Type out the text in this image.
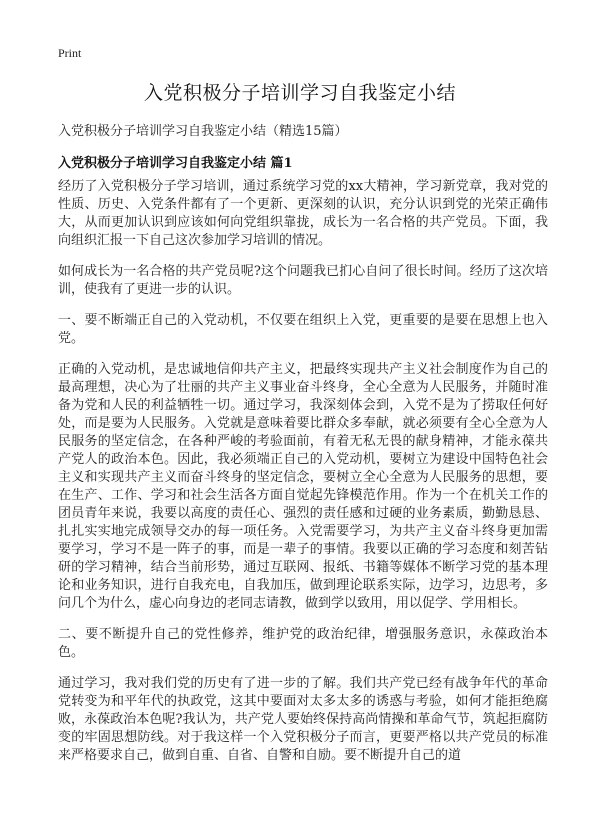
Print

入党积极分子培训学习自我鉴定小结

入党积极分子培训学习自我鉴定小结（精选15篇）

入党积极分子培训学习自我鉴定小结 篇1

经历了入党积极分子学习培训，通过系统学习党的xx大精神，学习新党章，我对党的性质、历史、入党条件都有了一个更新、更深刻的认识，充分认识到党的光荣正确伟大，从而更加认识到应该如何向党组织靠拢，成长为一名合格的共产党员。下面，我向组织汇报一下自己这次参加学习培训的情况。

如何成长为一名合格的共产党员呢?这个问题我已扪心自问了很长时间。经历了这次培训，使我有了更进一步的认识。

一、要不断端正自己的入党动机，不仅要在组织上入党，更重要的是要在思想上也入党。

正确的入党动机，是忠诚地信仰共产主义，把最终实现共产主义社会制度作为自己的最高理想，决心为了壮丽的共产主义事业奋斗终身，全心全意为人民服务，并随时准备为党和人民的利益牺牲一切。通过学习，我深刻体会到，入党不是为了捞取任何好处，而是要为人民服务。入党就是意味着要比群众多奉献，就必须要有全心全意为人民服务的坚定信念，在各种严峻的考验面前，有着无私无畏的献身精神，才能永葆共产党人的政治本色。因此，我必须端正自己的入党动机，要树立为建设中国特色社会主义和实现共产主义而奋斗终身的坚定信念，要树立全心全意为人民服务的思想，要在生产、工作、学习和社会生活各方面自觉起先锋模范作用。作为一个在机关工作的团员青年来说，我要以高度的责任心、强烈的责任感和过硬的业务素质，勤勤恳恳、扎扎实实地完成领导交办的每一项任务。入党需要学习，为共产主义奋斗终身更加需要学习，学习不是一阵子的事，而是一辈子的事情。我要以正确的学习态度和刻苦钻研的学习精神，结合当前形势，通过互联网、报纸、书籍等媒体不断学习党的基本理论和业务知识，进行自我充电，自我加压，做到理论联系实际，边学习，边思考，多问几个为什么，虚心向身边的老同志请教，做到学以致用，用以促学、学用相长。

二、要不断提升自己的党性修养，维护党的政治纪律，增强服务意识，永葆政治本色。

通过学习，我对我们党的历史有了进一步的了解。我们共产党已经有战争年代的革命党转变为和平年代的执政党，这其中要面对太多太多的诱惑与考验，如何才能拒绝腐败，永葆政治本色呢?我认为，共产党人要始终保持高尚情操和革命气节，筑起拒腐防变的牢固思想防线。对于我这样一个入党积极分子而言，更要严格以共产党员的标准来严格要求自己，做到自重、自省、自警和自励。要不断提升自己的道
